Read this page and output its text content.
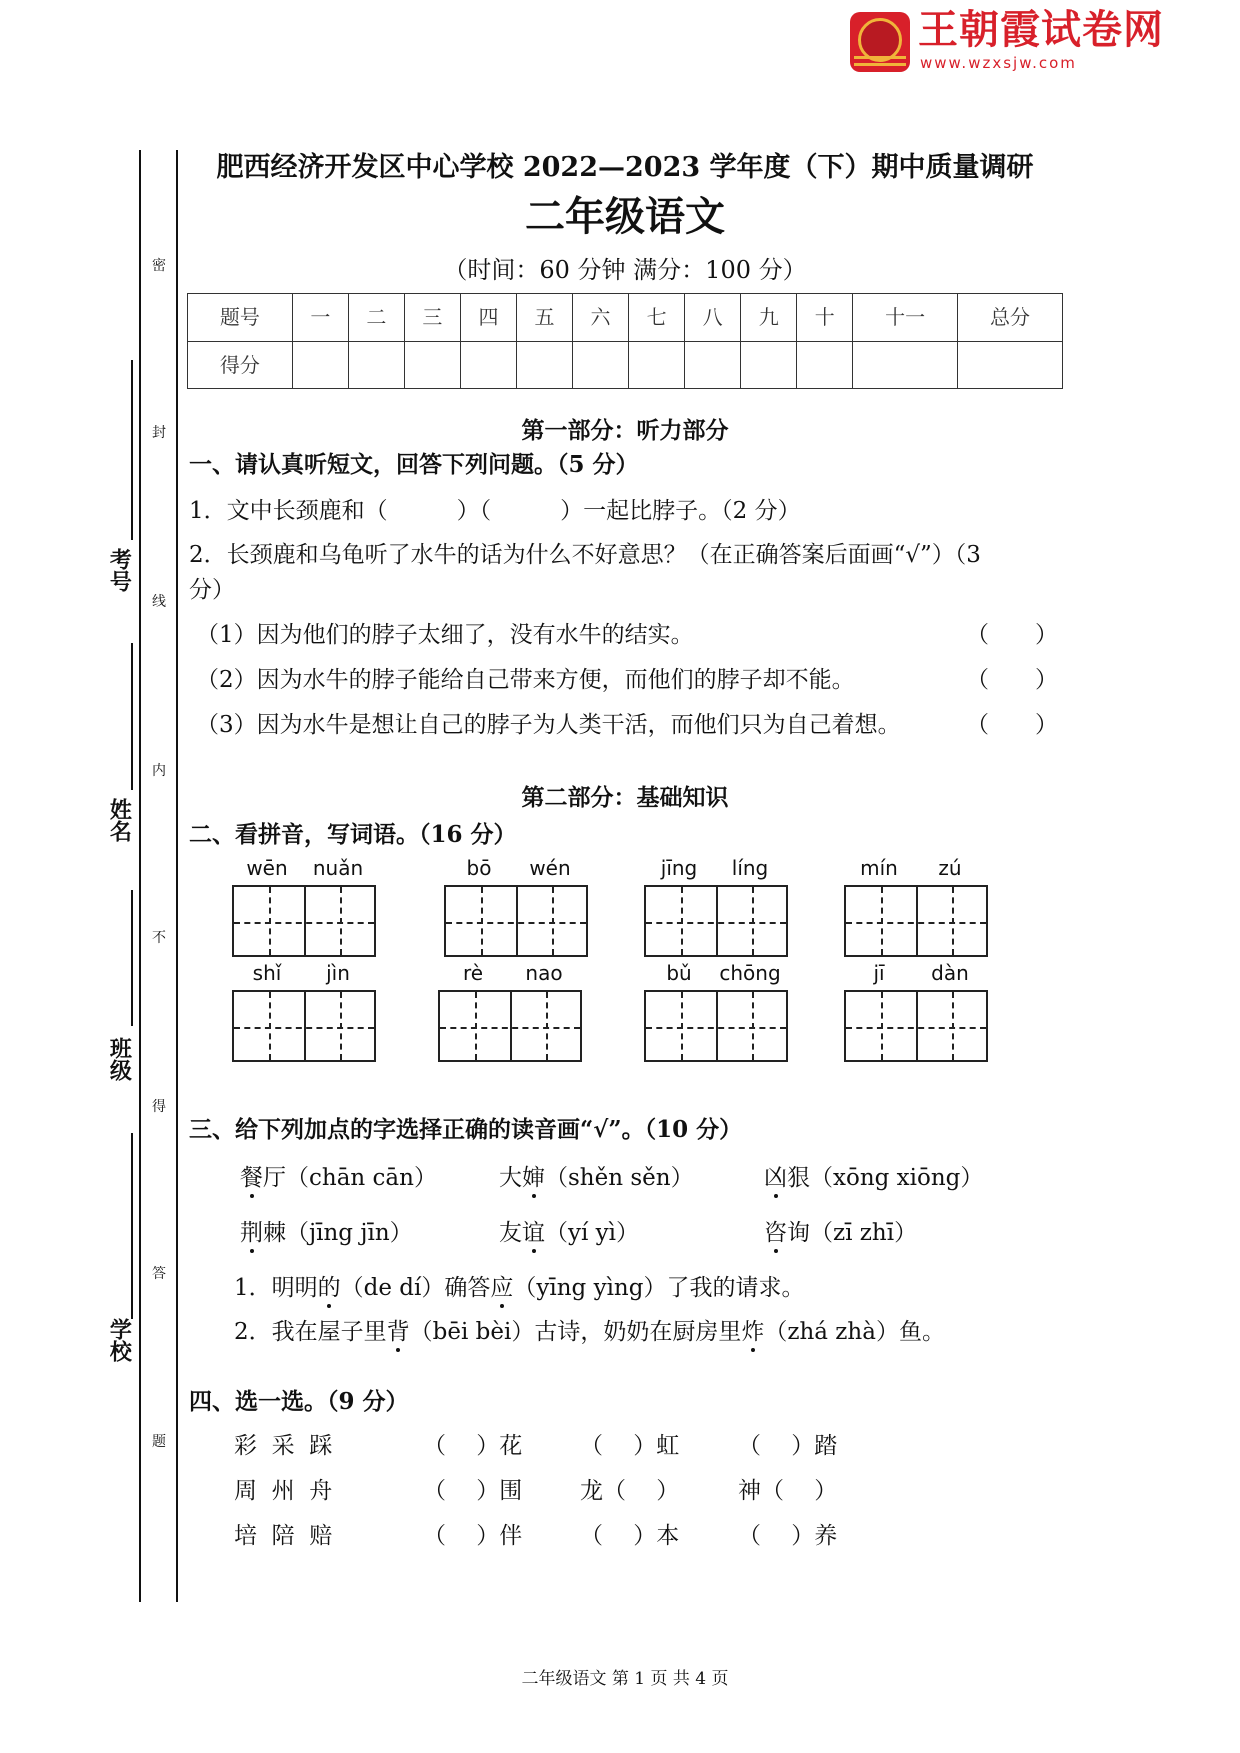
王朝霞试卷网
www.wzxsjw.com
考号
姓名
班级
学校
密
封
线
内
不
得
答
题
肥西经济开发区中心学校 2022—2023 学年度（下）期中质量调研
二年级语文
（时间：60 分钟 满分：100 分）
题号	一	二	三	四	五	六	七	八	九	十	十一	总分
得分												
第一部分：听力部分
一、请认真听短文，回答下列问题。（5 分）
1．文中长颈鹿和（　　　）（　　　）一起比脖子。（2 分）
2．长颈鹿和乌龟听了水牛的话为什么不好意思？（在正确答案后面画“√”）（3
分）
（1）因为他们的脖子太细了，没有水牛的结实。
（2）因为水牛的脖子能给自己带来方便，而他们的脖子却不能。
（3）因为水牛是想让自己的脖子为人类干活，而他们只为自己着想。
（　　）
（　　）
（　　）
第二部分：基础知识
二、看拼音，写词语。（16 分）
三、给下列加点的字选择正确的读音画“√”。（10 分）
四、选一选。（9 分）
二年级语文 第 1 页 共 4 页
wēn nuǎn	bō wén	jīng líng	mín zú
shǐ jìn	rè nao	bǔ chōng	jī dàn
餐厅（chān cān）	大婶（shěn sěn）	凶狠（xōng xiōng）
荆棘（jīng jīn）	友谊（yí yì）	咨询（zī zhī）
1．明明的（de dí）确答应（yīng yìng）了我的请求。
2．我在屋子里背（bēi bèi）古诗，奶奶在厨房里炸（zhá zhà）鱼。
彩  采  踩	（　 ）花	（　 ）虹	（　 ）踏
周  州  舟	（　 ）围	龙（　 ）	神（　 ）
培  陪  赔	（　 ）伴	（　 ）本	（　 ）养
